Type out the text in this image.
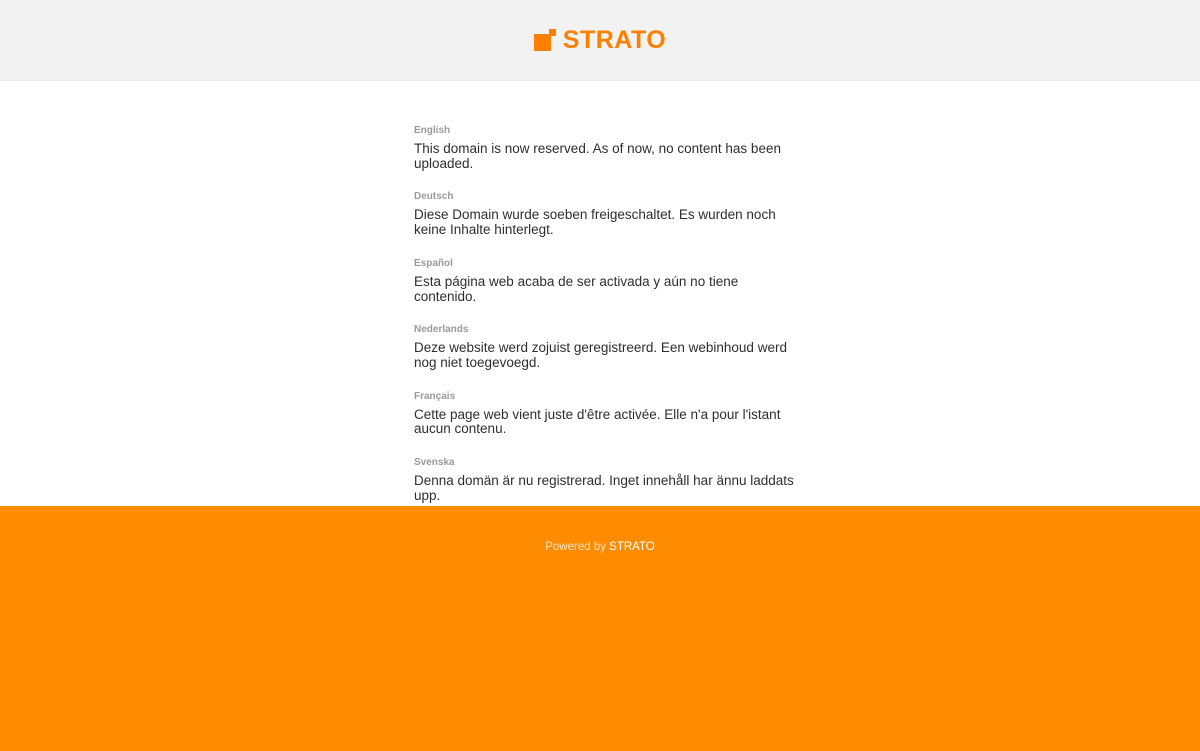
STRATO
English
This domain is now reserved. As of now, no content has been uploaded.
Deutsch
Diese Domain wurde soeben freigeschaltet. Es wurden noch keine Inhalte hinterlegt.
Español
Esta página web acaba de ser activada y aún no tiene contenido.
Nederlands
Deze website werd zojuist geregistreerd. Een webinhoud werd nog niet toegevoegd.
Français
Cette page web vient juste d'être activée. Elle n'a pour l'istant aucun contenu.
Svenska
Denna domän är nu registrerad. Inget innehåll har ännu laddats upp.
Powered by STRATO
